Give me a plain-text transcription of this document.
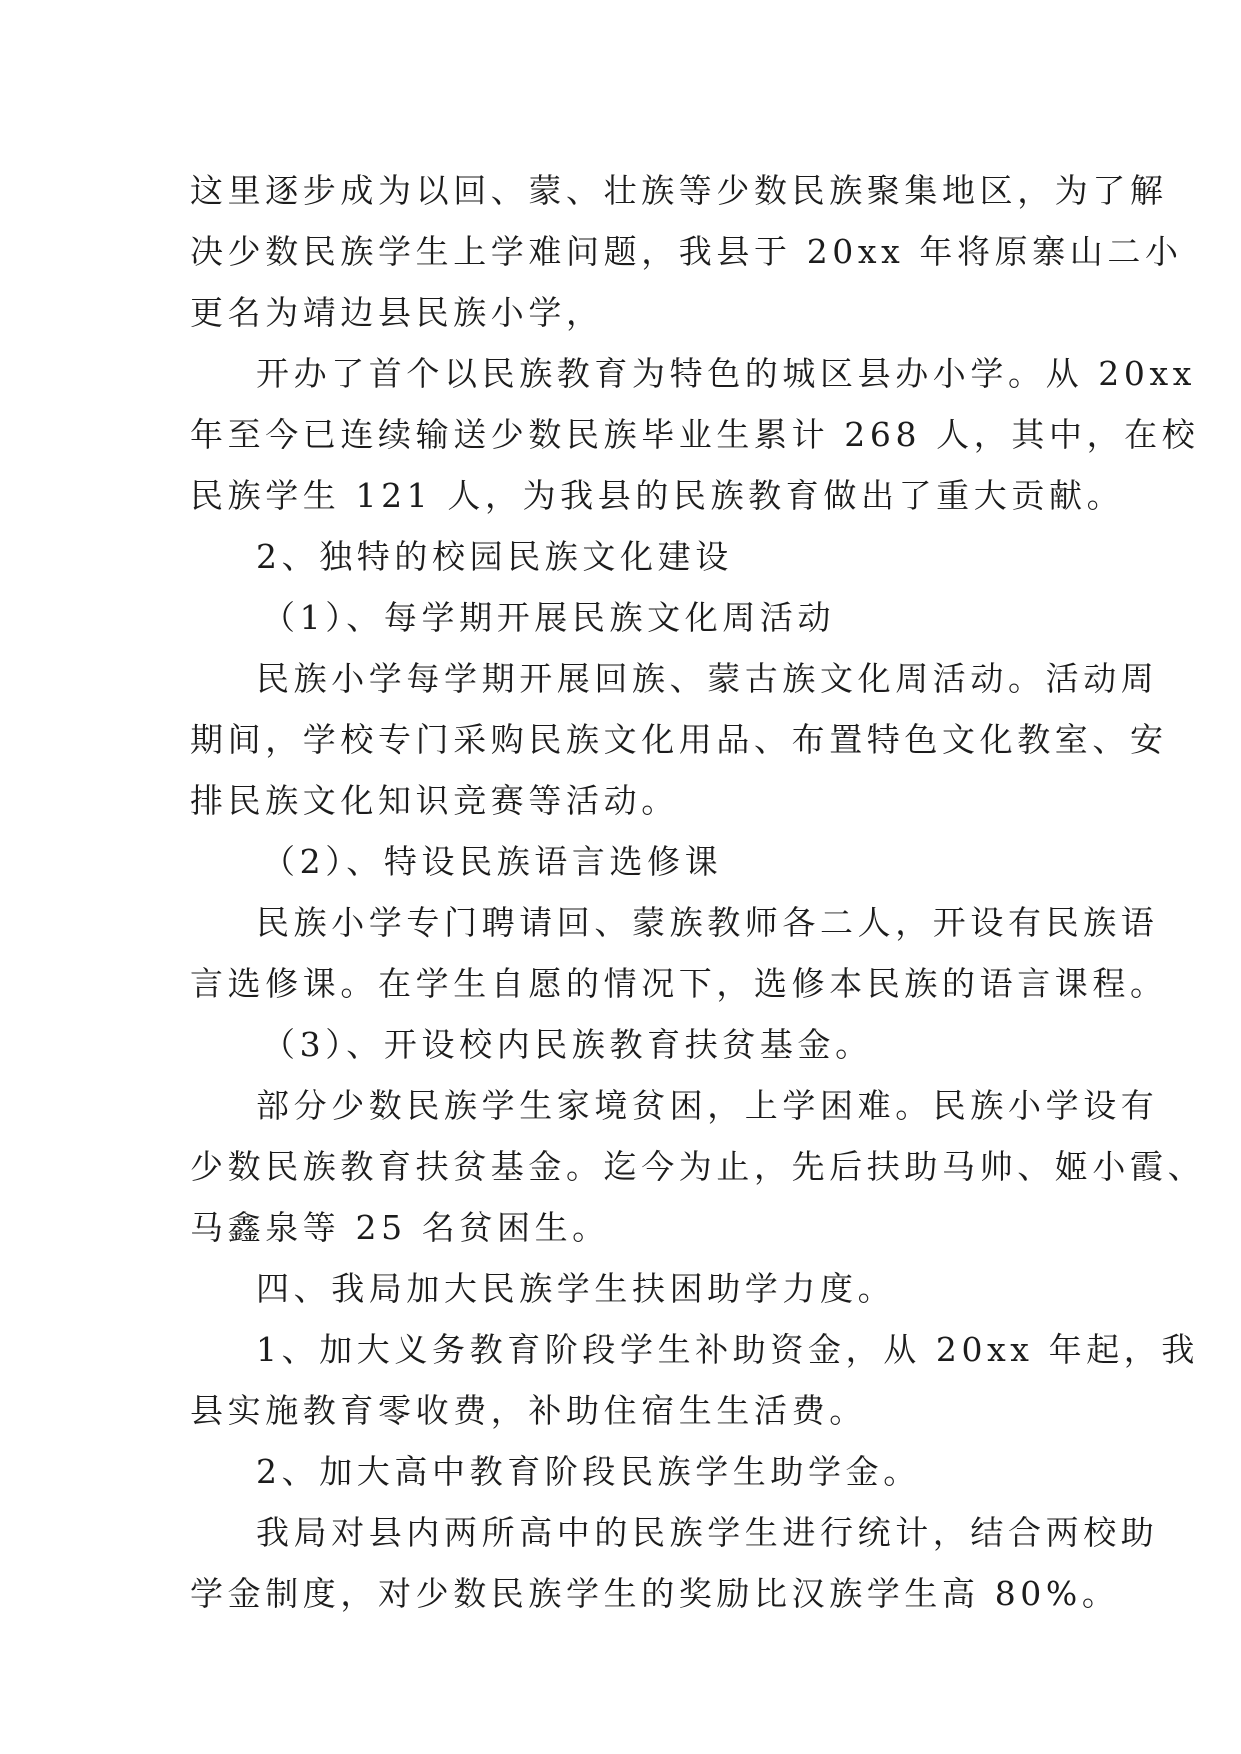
这里逐步成为以回、蒙、壮族等少数民族聚集地区，为了解
决少数民族学生上学难问题，我县于 20xx 年将原寨山二小
更名为靖边县民族小学，
开办了首个以民族教育为特色的城区县办小学。从 20xx
年至今已连续输送少数民族毕业生累计 268 人，其中，在校
民族学生 121 人，为我县的民族教育做出了重大贡献。
2、独特的校园民族文化建设
（1）、每学期开展民族文化周活动
民族小学每学期开展回族、蒙古族文化周活动。活动周
期间，学校专门采购民族文化用品、布置特色文化教室、安
排民族文化知识竞赛等活动。
（2）、特设民族语言选修课
民族小学专门聘请回、蒙族教师各二人，开设有民族语
言选修课。在学生自愿的情况下，选修本民族的语言课程。
（3）、开设校内民族教育扶贫基金。
部分少数民族学生家境贫困，上学困难。民族小学设有
少数民族教育扶贫基金。迄今为止，先后扶助马帅、姬小霞、
马鑫泉等 25 名贫困生。
四、我局加大民族学生扶困助学力度。
1、加大义务教育阶段学生补助资金，从 20xx 年起，我
县实施教育零收费，补助住宿生生活费。
2、加大高中教育阶段民族学生助学金。
我局对县内两所高中的民族学生进行统计，结合两校助
学金制度，对少数民族学生的奖励比汉族学生高 80%。
